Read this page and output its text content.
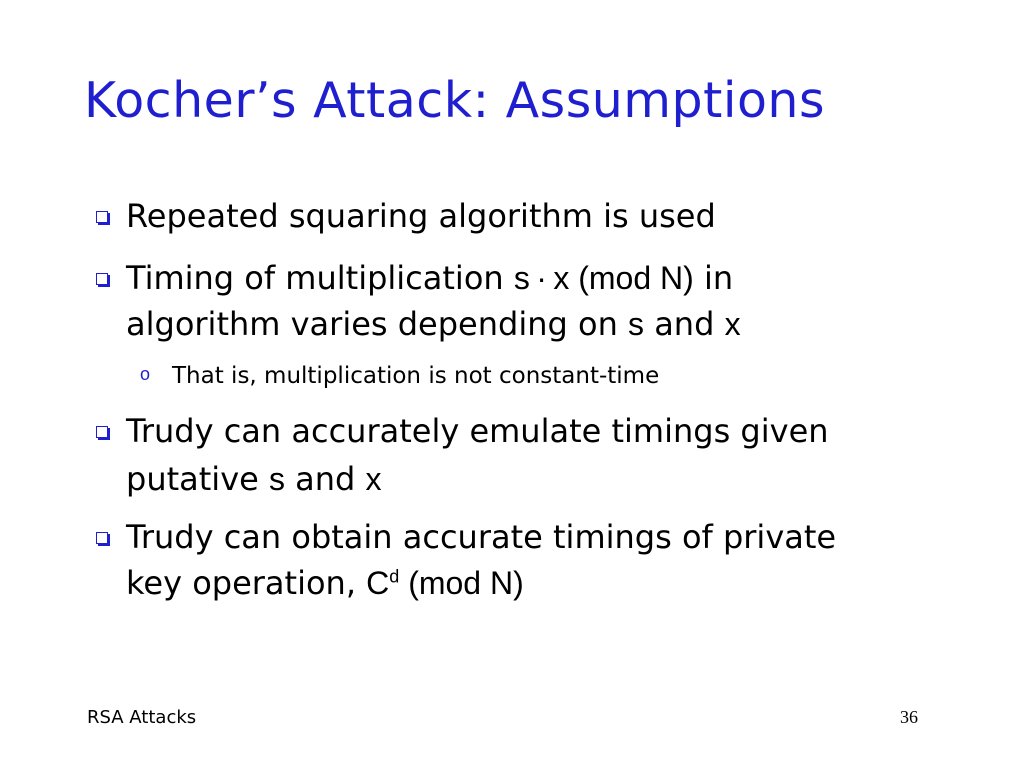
Kocher’s Attack: Assumptions
Repeated squaring algorithm is used
Timing of multiplication s · x (mod N) in
algorithm varies depending on s and x
o That is, multiplication is not constant-time
Trudy can accurately emulate timings given
putative s and x
Trudy can obtain accurate timings of private
key operation, $C^d$ (mod N)
RSA Attacks	36
